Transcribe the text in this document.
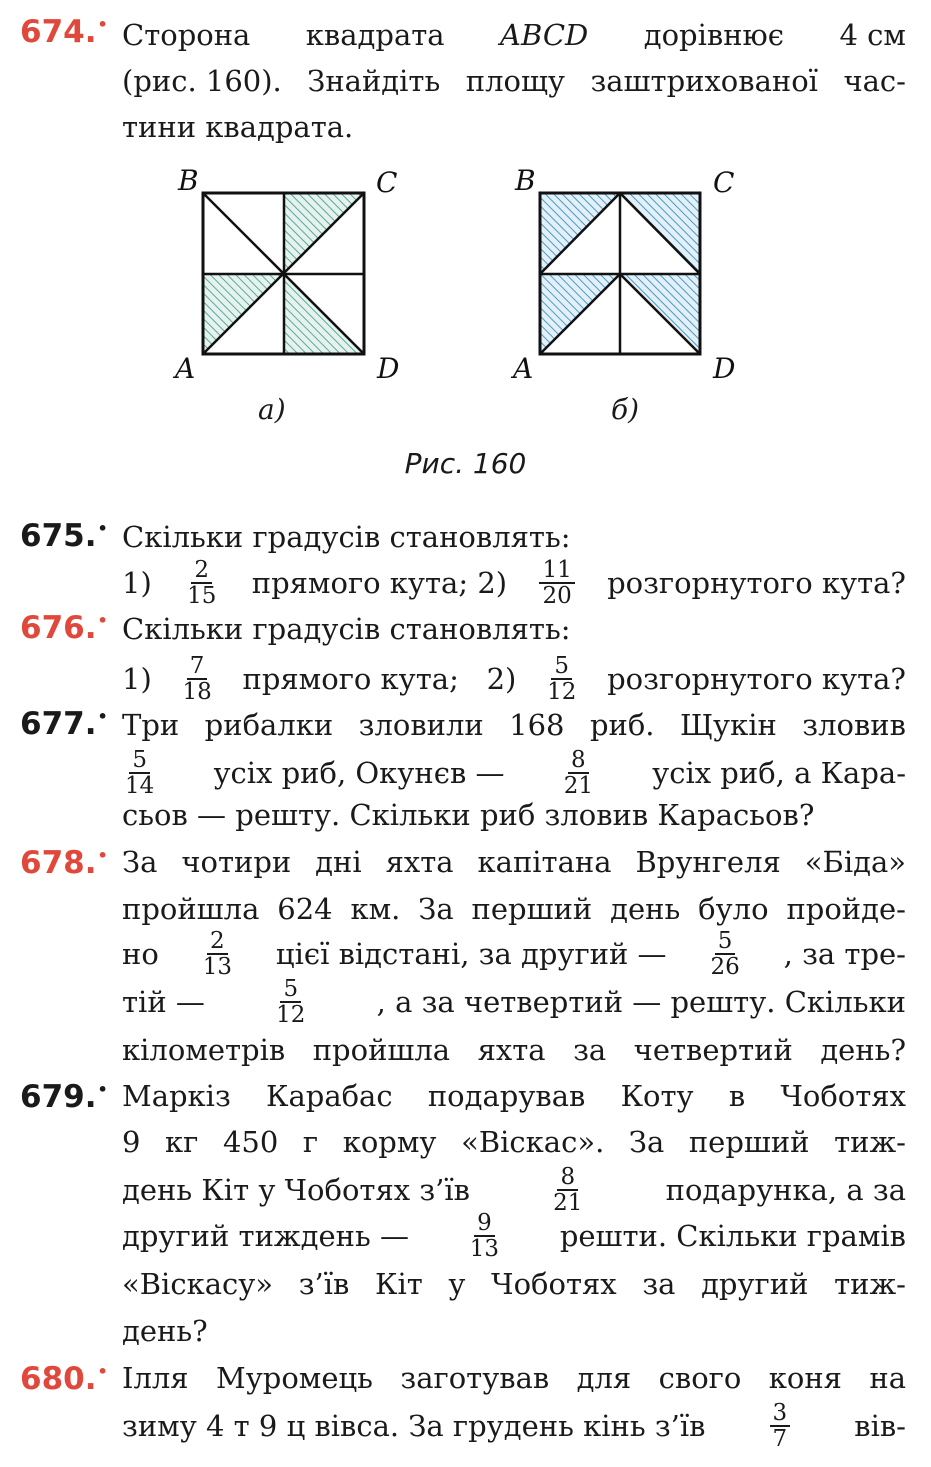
674.• Сторона квадрата ABCD дорівнює 4 см
(рис. 160). Знайдіть площу заштрихованої час-
тини квадрата.
B	C
A	D
B	C
A	D
а)	б)
Рис. 160
675.• Скільки градусів становлять:
$1) \frac{2}{15}$ прямого кута; $2) \frac{11}{20}$ розгорнутого кута?
676.• Скільки градусів становлять:
$1) \frac{7}{18}$ прямого кута; $2) \frac{5}{12}$ розгорнутого кута?
677.• Три рибалки зловили 168 риб. Щукін зловив
$\frac{5}{14}$ усіх риб, Окунєв — $\frac{8}{21}$ усіх риб, а Кара-
сьов — решту. Скільки риб зловив Карасьов?
678.• За чотири дні яхта капітана Врунгеля «Біда»
пройшла 624 км. За перший день було пройде-
но $\frac{2}{13}$ цієї відстані, за другий — $\frac{5}{26}$ , за тре-
тій —	$\frac{5}{12}$ , а за четвертий — решту. Скільки
кілометрів пройшла яхта за четвертий день?
679.• Маркіз Карабас подарував Коту в Чоботях
9 кг 450 г корму «Віскас». За перший тиж-
день Кіт у Чоботях з’їв	$\frac{8}{21}$	подарунка, а за
другий тиждень —	$\frac{9}{13}$ решти. Скільки грамів
«Віскасу» з’їв Кіт у Чоботях за другий тиж-
день?
680.• Ілля Муромець заготував для свого коня на
зиму 4 т 9 ц вівса. За грудень кінь з’їв	$\frac{3}{7} вів-$
